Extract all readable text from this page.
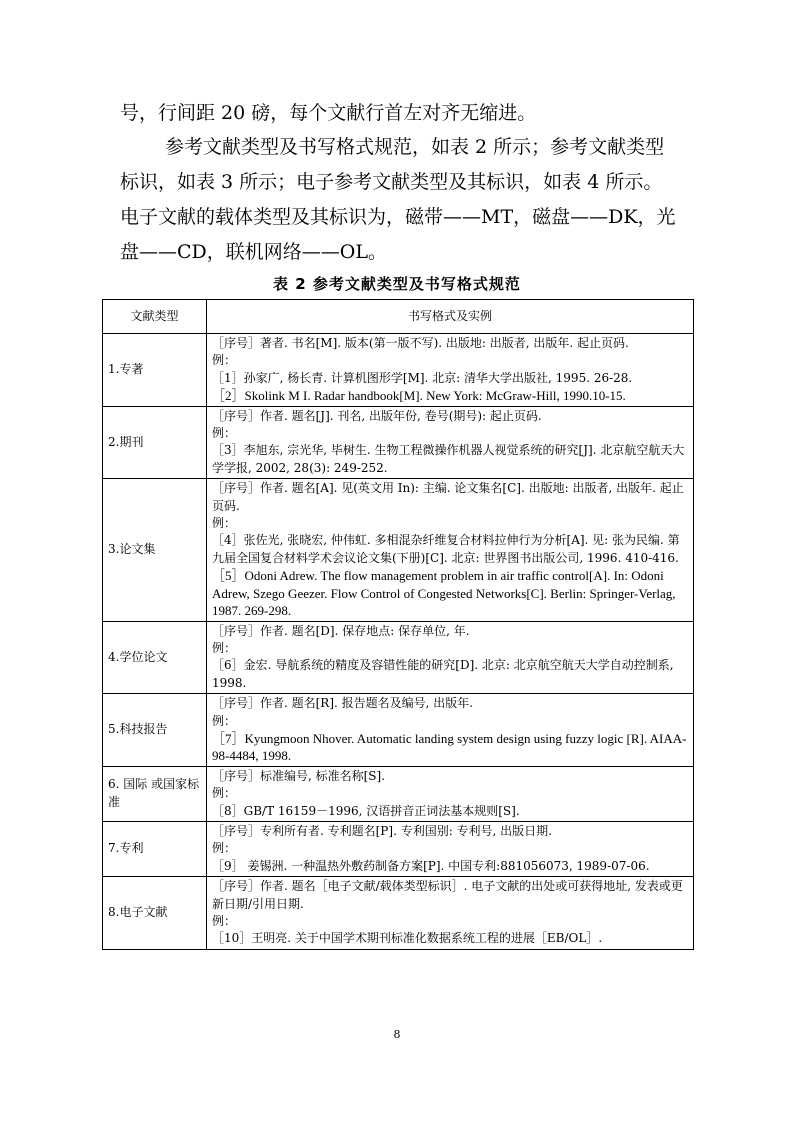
号，行间距 20 磅，每个文献行首左对齐无缩进。
参考文献类型及书写格式规范，如表 2 所示；参考文献类型标识，如表 3 所示；电子参考文献类型及其标识，如表 4 所示。电子文献的载体类型及其标识为，磁带——MT，磁盘——DK，光盘——CD，联机网络——OL。
表 2 参考文献类型及书写格式规范
文献类型	书写格式及实例
1.专著	［序号］著者. 书名[M]. 版本(第一版不写). 出版地: 出版者, 出版年. 起止页码.
例：
［1］孙家广, 杨长青. 计算机图形学[M]. 北京: 清华大学出版社, 1995. 26-28.
［2］Skolink M I. Radar handbook[M]. New York: McGraw-Hill, 1990.10-15.

2.期刊	［序号］作者. 题名[J]. 刊名, 出版年份, 卷号(期号): 起止页码.
例：
［3］李旭东, 宗光华, 毕树生. 生物工程微操作机器人视觉系统的研究[J]. 北京航空航天大学学报, 2002, 28(3): 249-252.

3.论文集	［序号］作者. 题名[A]. 见(英文用 In): 主编. 论文集名[C]. 出版地: 出版者, 出版年. 起止页码.
例：
［4］张佐光, 张晓宏, 仲伟虹. 多相混杂纤维复合材料拉伸行为分析[A]. 见: 张为民编. 第九届全国复合材料学术会议论文集(下册)[C]. 北京: 世界图书出版公司, 1996. 410-416.
［5］Odoni Adrew. The flow management problem in air traffic control[A]. In: Odoni Adrew, Szego Geezer. Flow Control of Congested Networks[C]. Berlin: Springer-Verlag, 1987. 269-298.

4.学位论文	［序号］作者. 题名[D]. 保存地点: 保存单位, 年.
例：
［6］金宏. 导航系统的精度及容错性能的研究[D]. 北京: 北京航空航天大学自动控制系, 1998.

5.科技报告	［序号］作者. 题名[R]. 报告题名及编号, 出版年.
例：
［7］Kyungmoon Nhover. Automatic landing system design using fuzzy logic [R]. AIAA-98-4484, 1998.

6. 国际 或国家标准	［序号］标准编号, 标准名称[S].
例：
［8］GB/T 16159－1996, 汉语拼音正词法基本规则[S].

7.专利	［序号］专利所有者. 专利题名[P]. 专利国别: 专利号, 出版日期.
例：
［9］ 姜锡洲. 一种温热外敷药制备方案[P]. 中国专利:881056073, 1989-07-06.

8.电子文献	［序号］作者. 题名［电子文献/载体类型标识］. 电子文献的出处或可获得地址, 发表或更新日期/引用日期.
例：
［10］王明亮. 关于中国学术期刊标准化数据系统工程的进展［EB/OL］.
8
